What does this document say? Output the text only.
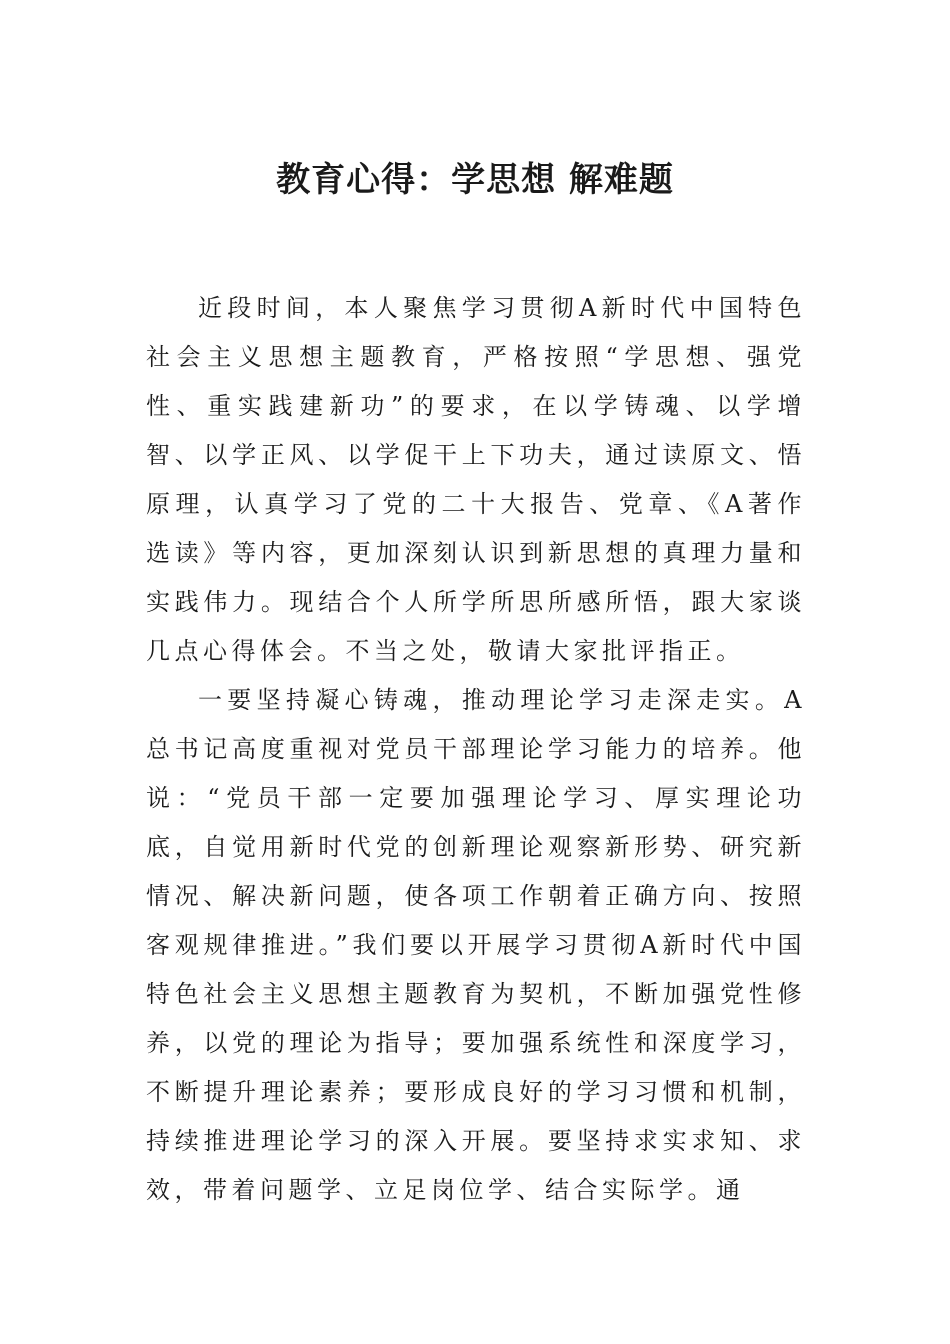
教育心得：学思想 解难题

近段时间，本人聚焦学习贯彻A新时代中国特色社会主义思想主题教育，严格按照“学思想、强党性、重实践建新功”的要求，在以学铸魂、以学增智、以学正风、以学促干上下功夫，通过读原文、悟原理，认真学习了党的二十大报告、党章、《A著作选读》等内容，更加深刻认识到新思想的真理力量和实践伟力。现结合个人所学所思所感所悟，跟大家谈几点心得体会。不当之处，敬请大家批评指正。

一要坚持凝心铸魂，推动理论学习走深走实。A总书记高度重视对党员干部理论学习能力的培养。他说：“党员干部一定要加强理论学习、厚实理论功底，自觉用新时代党的创新理论观察新形势、研究新情况、解决新问题，使各项工作朝着正确方向、按照客观规律推进。”我们要以开展学习贯彻A新时代中国特色社会主义思想主题教育为契机，不断加强党性修养，以党的理论为指导；要加强系统性和深度学习，不断提升理论素养；要形成良好的学习习惯和机制，持续推进理论学习的深入开展。要坚持求实求知、求效，带着问题学、立足岗位学、结合实际学。通
